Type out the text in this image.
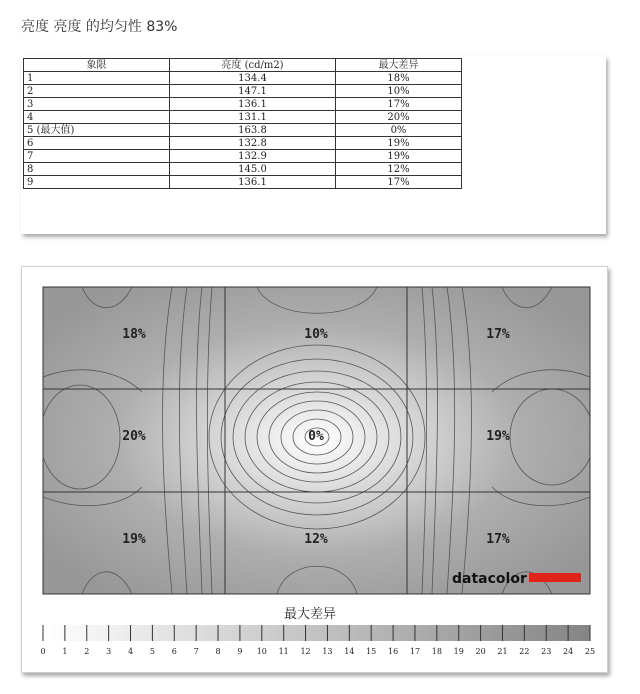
亮度 亮度 的均匀性 83%
象限	亮度 (cd/m2)	最大差异
1	134.4	18%
2	147.1	10%
3	136.1	17%
4	131.1	20%
5 (最大值)	163.8	0%
6	132.8	19%
7	132.9	19%
8	145.0	12%
9	136.1	17%
18%	10%	17%
20%	0%	19%
19%	12%	17%
datacolor
最大差异
0 1 2 3 4 5 6 7 8 9 10 11 12 13 14 15 16 17 18 19 20 21 22 23 24 25
